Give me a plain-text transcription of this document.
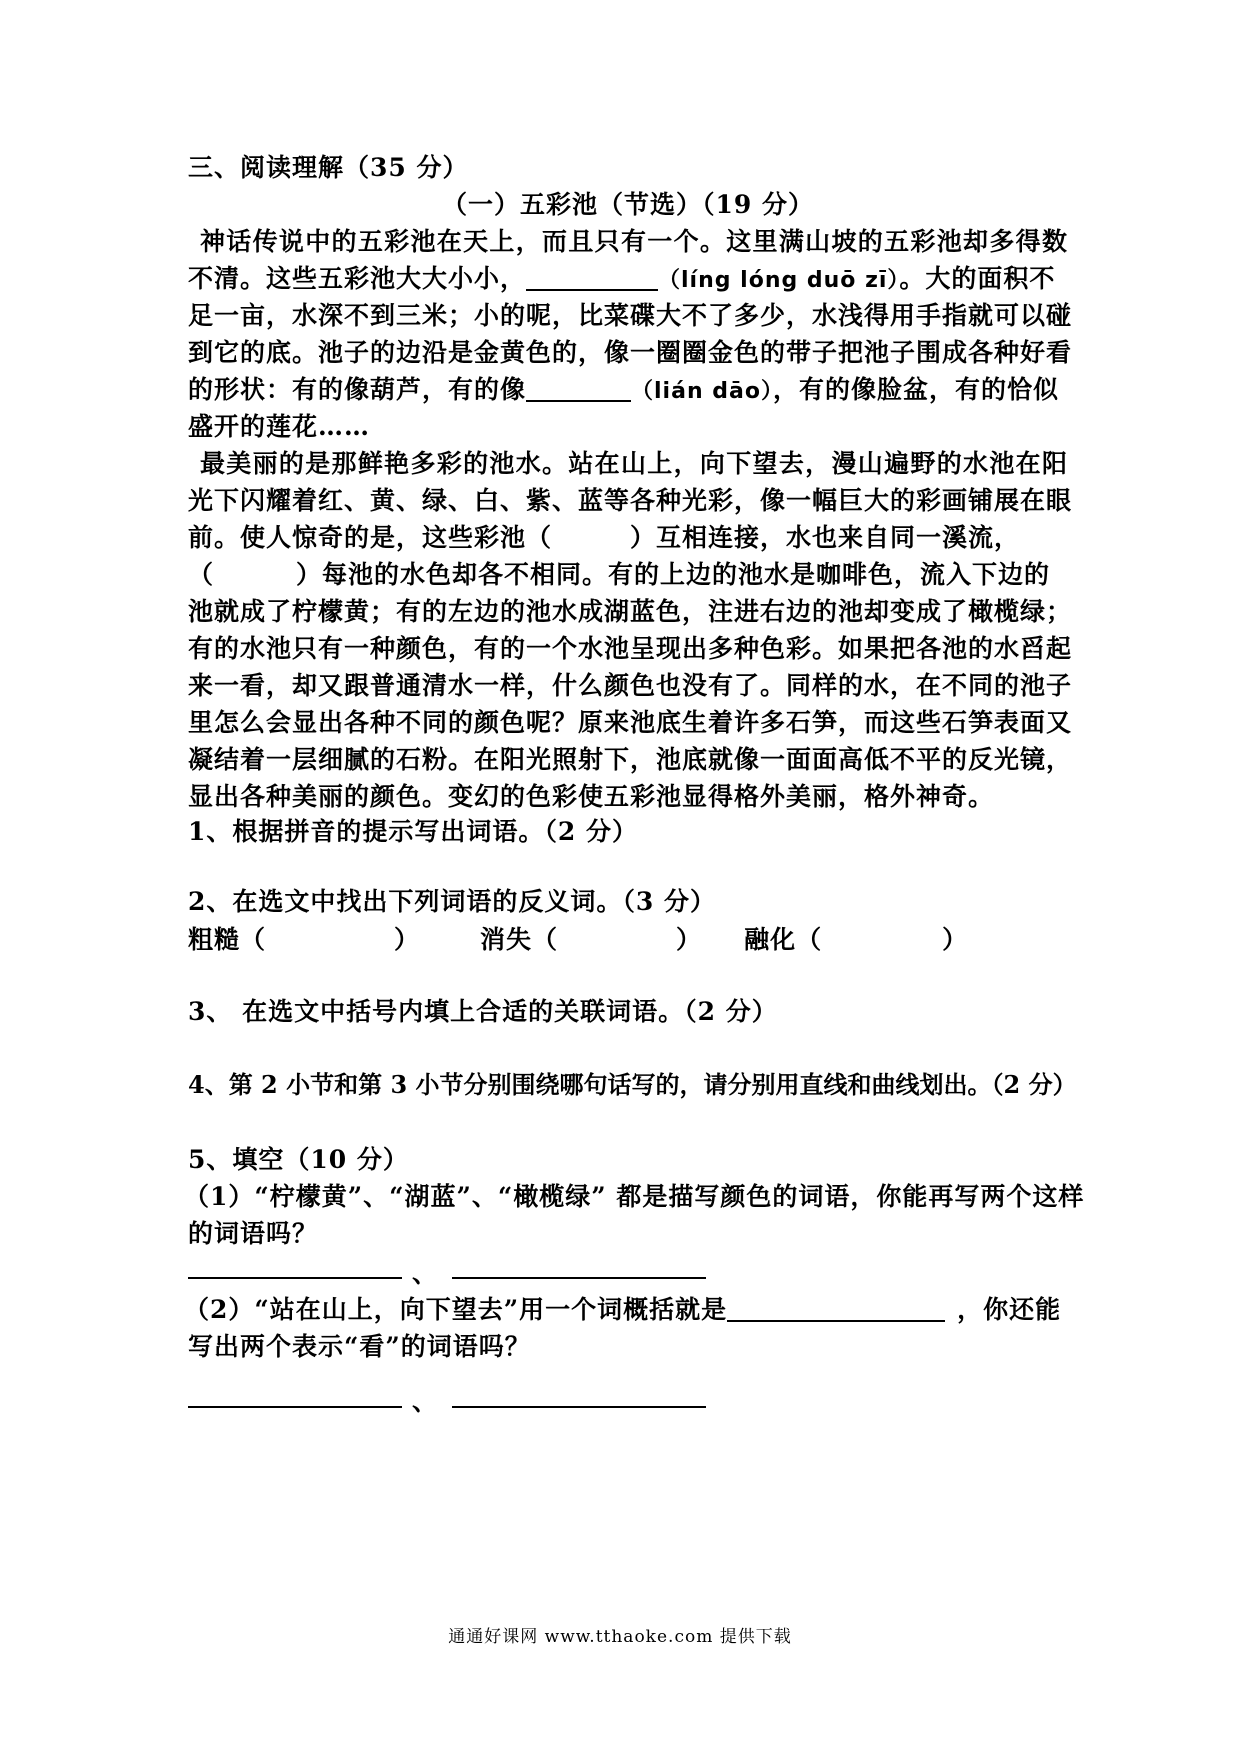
三、阅读理解（35 分）
（一）五彩池（节选）（19 分）
神话传说中的五彩池在天上，而且只有一个。这里满山坡的五彩池却多得数
不清。这些五彩池大大小小，	（líng lóng duō zī）。大的面积不
足一亩，水深不到三米；小的呢，比菜碟大不了多少，水浅得用手指就可以碰
到它的底。池子的边沿是金黄色的，像一圈圈金色的带子把池子围成各种好看
的形状：有的像葫芦，有的像	（lián dāo），有的像脸盆，有的恰似
盛开的莲花……
最美丽的是那鲜艳多彩的池水。站在山上，向下望去，漫山遍野的水池在阳
光下闪耀着红、黄、绿、白、紫、蓝等各种光彩，像一幅巨大的彩画铺展在眼
前。使人惊奇的是，这些彩池（	）互相连接，水也来自同一溪流，
（	）每池的水色却各不相同。有的上边的池水是咖啡色，流入下边的
池就成了柠檬黄；有的左边的池水成湖蓝色，注进右边的池却变成了橄榄绿；
有的水池只有一种颜色，有的一个水池呈现出多种色彩。如果把各池的水舀起
来一看，却又跟普通清水一样，什么颜色也没有了。同样的水，在不同的池子
里怎么会显出各种不同的颜色呢？原来池底生着许多石笋，而这些石笋表面又
凝结着一层细腻的石粉。在阳光照射下，池底就像一面面高低不平的反光镜，
显出各种美丽的颜色。变幻的色彩使五彩池显得格外美丽，格外神奇。
1、根据拼音的提示写出词语。（2 分）
2、在选文中找出下列词语的反义词。（3 分）
粗糙（	） 消失（	） 融化（	）
3、 在选文中括号内填上合适的关联词语。（2 分）
4、第 2 小节和第 3 小节分别围绕哪句话写的，请分别用直线和曲线划出。（2 分）
5、填空（10 分）
（1）“柠檬黄”、“湖蓝”、“橄榄绿” 都是描写颜色的词语，你能再写两个这样
的词语吗？
、
（2）“站在山上，向下望去”用一个词概括就是	，你还能
写出两个表示“看”的词语吗？
、
通通好课网 www.tthaoke.com 提供下载
